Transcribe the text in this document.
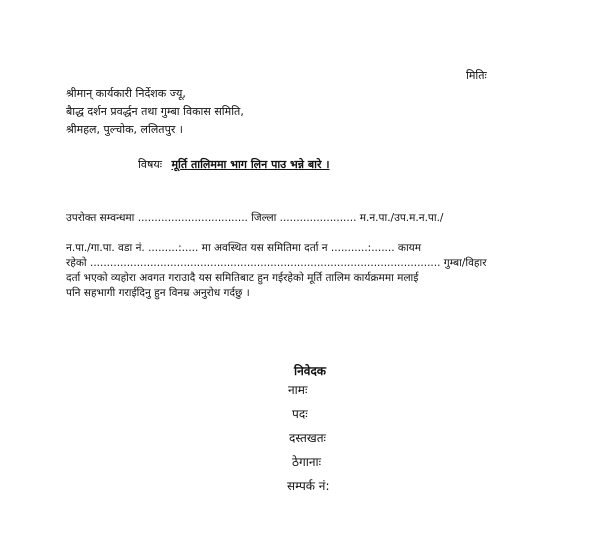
मितिः
श्रीमान् कार्यकारी निर्देशक ज्यू,
बैाद्ध दर्शन प्रवर्द्धन तथा गुम्बा विकास समिति,
श्रीमहल, पुल्चोक, ललितपुर ।
विषयः मूर्ति तालिममा भाग लिन पाउ भन्ने बारे ।
उपरोक्त सम्वन्धमा ................................. जिल्ला ....................... म.न.पा./उप.म.न.पा./
न.पा./गा.पा. वडा नं. .........:..... मा अवस्थित यस समितिमा दर्ता न ...........:....... कायम
रहेको ......................................................................................................... गुम्बा/विहार
दर्ता भएको व्यहोरा अवगत गराउादै यस समितिबाट हुन गईरहेको मूर्ति तालिम कार्यक्रममा मलाई
पनि सहभागी गराईदिनु हुन विनम्र अनुरोध गर्दछु ।
निवेदक
नामः
पदः
दस्तखतः
ठेगानाः
सम्पर्क नं:
